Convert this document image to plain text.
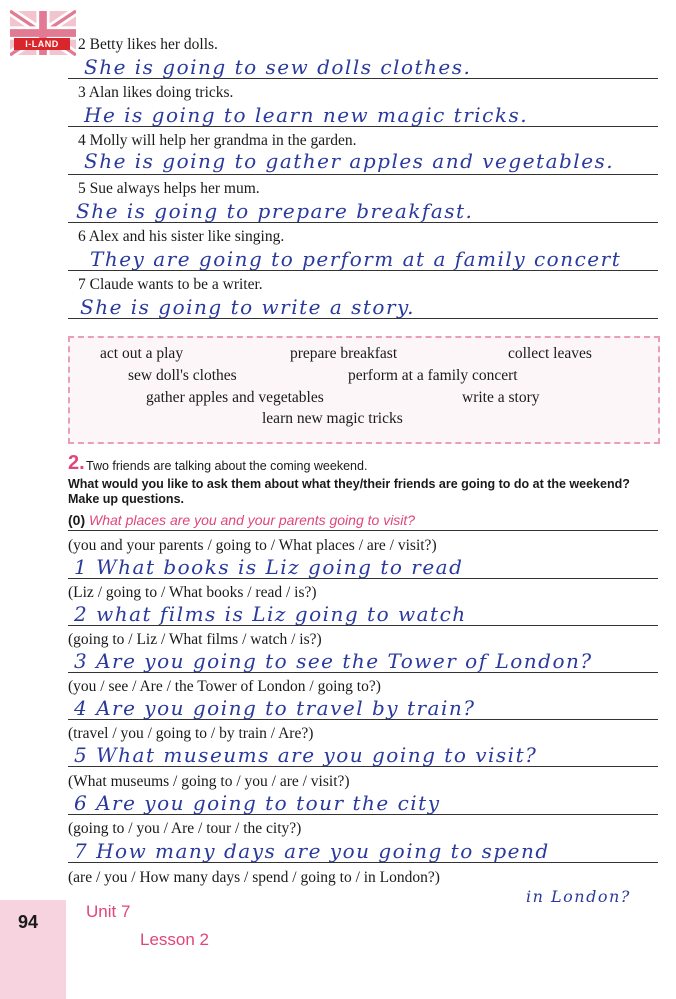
I-LAND	2 Betty likes her dolls.
She is going to sew dolls clothes.
3 Alan likes doing tricks.
He is going to learn new magic tricks.
4 Molly will help her grandma in the garden.
She is going to gather apples and vegetables.
5 Sue always helps her mum.
She is going to prepare breakfast.
6 Alex and his sister like singing.
They are going to perform at a family concert
7 Claude wants to be a writer.
She is going to write a story.
act out a play	prepare breakfast	collect leaves
sew doll's clothes	perform at a family concert
gather apples and vegetables	write a story
learn new magic tricks
2. Two friends are talking about the coming weekend.
What would you like to ask them about what they/their friends are going to do at the weekend? Make up questions.
(0) What places are you and your parents going to visit?
(you and your parents / going to / What places / are / visit?)
1 What books is Liz going to read
(Liz / going to / What books / read / is?)
2 what films is Liz going to watch
(going to / Liz / What films / watch / is?)
3 Are you going to see the Tower of London?
(you / see / Are / the Tower of London / going to?)
4 Are you going to travel by train?
(travel / you / going to / by train / Are?)
5 What museums are you going to visit?
(What museums / going to / you / are / visit?)
6 Are you going to tour the city
(going to / you / Are / tour / the city?)
7 How many days are you going to spend
(are / you / How many days / spend / going to / in London?)
in London?
94
Unit 7
Lesson 2
